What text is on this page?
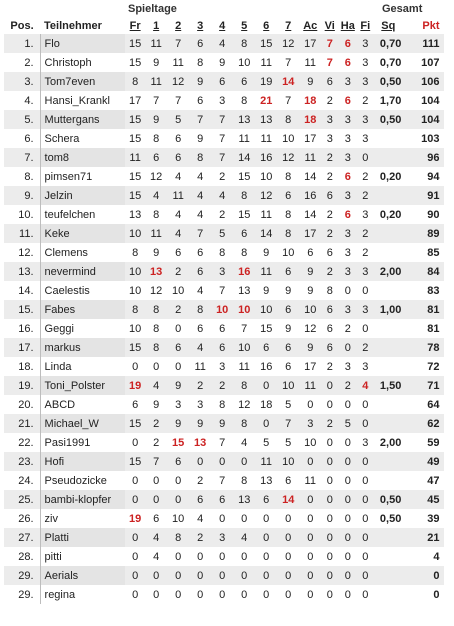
Spieltage	Gesamt
Pos.	Teilnehmer	Fr	1	2	3	4	5	6	7	Ac	Vi	Ha	Fi	Sq	Pkt
1.	Flo	15	11	7	6	4	8	15	12	17	7	6	3	0,70	111
2.	Christoph	15	9	11	8	9	10	11	7	11	7	6	3	0,70	107
3.	Tom7even	8	11	12	9	6	6	19	14	9	6	3	3	0,50	106
4.	Hansi_Krankl	17	7	7	6	3	8	21	7	18	2	6	2	1,70	104
5.	Muttergans	15	9	5	7	7	13	13	8	18	3	3	3	0,50	104
6.	Schera	15	8	6	9	7	11	11	10	17	3	3	3		103
7.	tom8	11	6	6	8	7	14	16	12	11	2	3	0		96
8.	pimsen71	15	12	4	4	2	15	10	8	14	2	6	2	0,20	94
9.	Jelzin	15	4	11	4	4	8	12	6	16	6	3	2		91
10.	teufelchen	13	8	4	4	2	15	11	8	14	2	6	3	0,20	90
11.	Keke	10	11	4	7	5	6	14	8	17	2	3	2		89
12.	Clemens	8	9	6	6	8	8	9	10	6	6	3	2		85
13.	nevermind	10	13	2	6	3	16	11	6	9	2	3	3	2,00	84
14.	Caelestis	10	12	10	4	7	13	9	9	9	8	0	0		83
15.	Fabes	8	8	2	8	10	10	10	6	10	6	3	3	1,00	81
16.	Geggi	10	8	0	6	6	7	15	9	12	6	2	0		81
17.	markus	15	8	6	4	6	10	6	6	9	6	0	2		78
18.	Linda	0	0	0	11	3	11	16	6	17	2	3	3		72
19.	Toni_Polster	19	4	9	2	2	8	0	10	11	0	2	4	1,50	71
20.	ABCD	6	9	3	3	8	12	18	5	0	0	0	0		64
21.	Michael_W	15	2	9	9	9	8	0	7	3	2	5	0		62
22.	Pasi1991	0	2	15	13	7	4	5	5	10	0	0	3	2,00	59
23.	Hofi	15	7	6	0	0	0	11	10	0	0	0	0		49
24.	Pseudozicke	0	0	0	2	7	8	13	6	11	0	0	0		47
25.	bambi-klopfer	0	0	0	6	6	13	6	14	0	0	0	0	0,50	45
26.	ziv	19	6	10	4	0	0	0	0	0	0	0	0	0,50	39
27.	Platti	0	4	8	2	3	4	0	0	0	0	0	0		21
28.	pitti	0	4	0	0	0	0	0	0	0	0	0	0		4
29.	Aerials	0	0	0	0	0	0	0	0	0	0	0	0		0
29.	regina	0	0	0	0	0	0	0	0	0	0	0	0		0
